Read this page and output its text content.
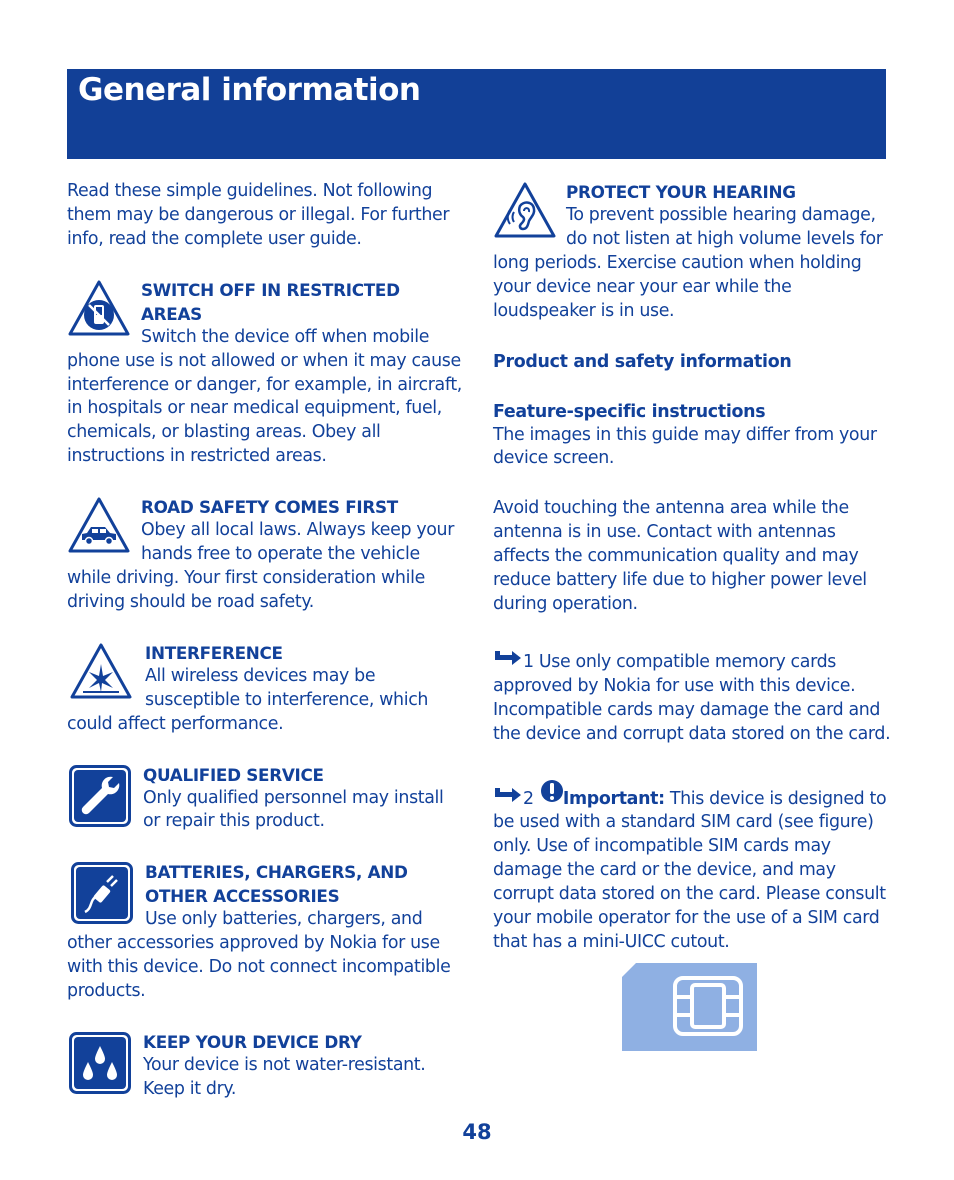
General information

Read these simple guidelines. Not following them may be dangerous or illegal. For further info, read the complete user guide.

SWITCH OFF IN RESTRICTED AREAS

Switch the device off when mobile phone use is not allowed or when it may cause interference or danger, for example, in aircraft, in hospitals or near medical equipment, fuel, chemicals, or blasting areas. Obey all instructions in restricted areas.

ROAD SAFETY COMES FIRST

Obey all local laws. Always keep your hands free to operate the vehicle while driving. Your first consideration while driving should be road safety.

INTERFERENCE

All wireless devices may be susceptible to interference, which could affect performance.

QUALIFIED SERVICE

Only qualified personnel may install or repair this product.

BATTERIES, CHARGERS, AND OTHER ACCESSORIES

Use only batteries, chargers, and other accessories approved by Nokia for use with this device. Do not connect incompatible products.

KEEP YOUR DEVICE DRY

Your device is not water-resistant. Keep it dry.

PROTECT YOUR HEARING

To prevent possible hearing damage, do not listen at high volume levels for long periods. Exercise caution when holding your device near your ear while the loudspeaker is in use.

Product and safety information

Feature-specific instructions

The images in this guide may differ from your device screen.

Avoid touching the antenna area while the antenna is in use. Contact with antennas affects the communication quality and may reduce battery life due to higher power level during operation.

1 Use only compatible memory cards approved by Nokia for use with this device. Incompatible cards may damage the card and the device and corrupt data stored on the card.

2 Important: This device is designed to be used with a standard SIM card (see figure) only. Use of incompatible SIM cards may damage the card or the device, and may corrupt data stored on the card. Please consult your mobile operator for the use of a SIM card that has a mini-UICC cutout.

48
